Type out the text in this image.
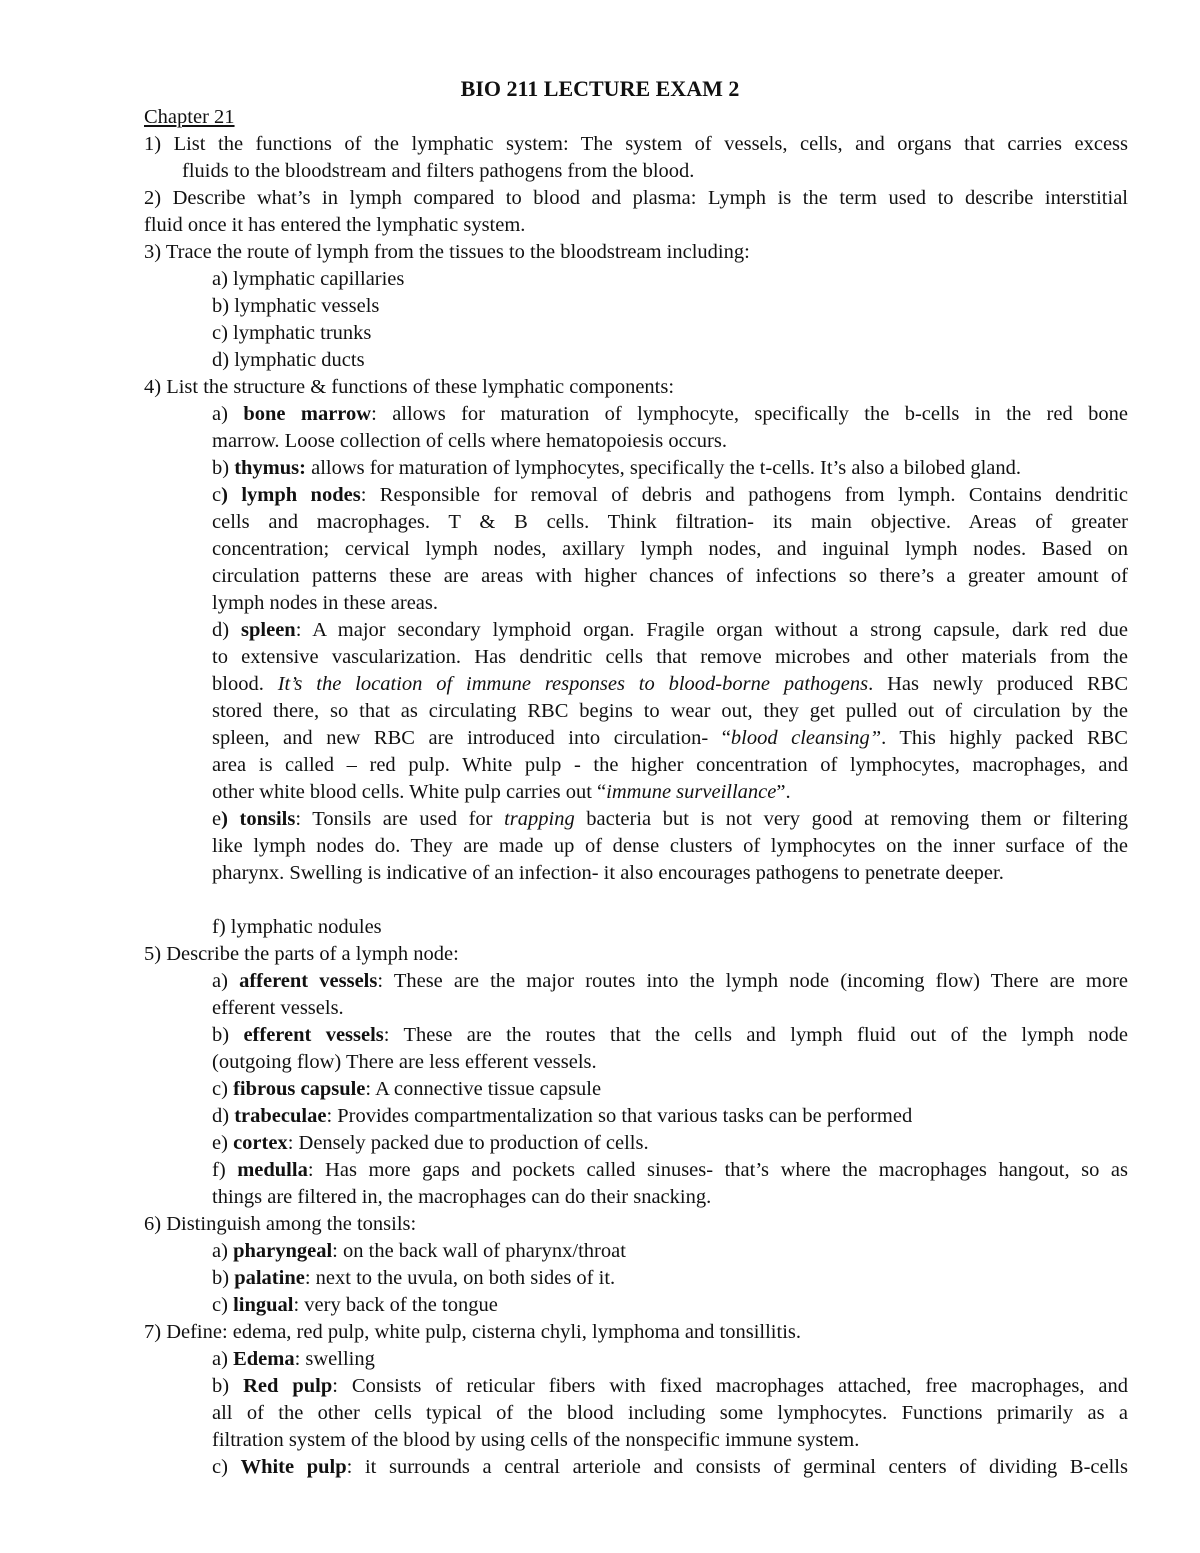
BIO 211 LECTURE EXAM 2
Chapter 21
1) List the functions of the lymphatic system: The system of vessels, cells, and organs that carries excess
fluids to the bloodstream and filters pathogens from the blood.
2) Describe what’s in lymph compared to blood and plasma: Lymph is the term used to describe interstitial
fluid once it has entered the lymphatic system.
3) Trace the route of lymph from the tissues to the bloodstream including:
a) lymphatic capillaries
b) lymphatic vessels
c) lymphatic trunks
d) lymphatic ducts
4) List the structure & functions of these lymphatic components:
a) bone marrow: allows for maturation of lymphocyte, specifically the b-cells in the red bone
marrow. Loose collection of cells where hematopoiesis occurs.
b) thymus: allows for maturation of lymphocytes, specifically the t-cells. It’s also a bilobed gland.
c) lymph nodes: Responsible for removal of debris and pathogens from lymph. Contains dendritic
cells and macrophages. T & B cells. Think filtration- its main objective. Areas of greater
concentration; cervical lymph nodes, axillary lymph nodes, and inguinal lymph nodes. Based on
circulation patterns these are areas with higher chances of infections so there’s a greater amount of
lymph nodes in these areas.
d) spleen: A major secondary lymphoid organ. Fragile organ without a strong capsule, dark red due
to extensive vascularization. Has dendritic cells that remove microbes and other materials from the
blood. It’s the location of immune responses to blood-borne pathogens. Has newly produced RBC
stored there, so that as circulating RBC begins to wear out, they get pulled out of circulation by the
spleen, and new RBC are introduced into circulation- “blood cleansing”. This highly packed RBC
area is called – red pulp. White pulp - the higher concentration of lymphocytes, macrophages, and
other white blood cells. White pulp carries out “immune surveillance”.
e) tonsils: Tonsils are used for trapping bacteria but is not very good at removing them or filtering
like lymph nodes do. They are made up of dense clusters of lymphocytes on the inner surface of the
pharynx. Swelling is indicative of an infection- it also encourages pathogens to penetrate deeper.
f) lymphatic nodules
5) Describe the parts of a lymph node:
a) afferent vessels: These are the major routes into the lymph node (incoming flow) There are more
efferent vessels.
b) efferent vessels: These are the routes that the cells and lymph fluid out of the lymph node
(outgoing flow) There are less efferent vessels.
c) fibrous capsule: A connective tissue capsule
d) trabeculae: Provides compartmentalization so that various tasks can be performed
e) cortex: Densely packed due to production of cells.
f) medulla: Has more gaps and pockets called sinuses- that’s where the macrophages hangout, so as
things are filtered in, the macrophages can do their snacking.
6) Distinguish among the tonsils:
a) pharyngeal: on the back wall of pharynx/throat
b) palatine: next to the uvula, on both sides of it.
c) lingual: very back of the tongue
7) Define: edema, red pulp, white pulp, cisterna chyli, lymphoma and tonsillitis.
a) Edema: swelling
b) Red pulp: Consists of reticular fibers with fixed macrophages attached, free macrophages, and
all of the other cells typical of the blood including some lymphocytes. Functions primarily as a
filtration system of the blood by using cells of the nonspecific immune system.
c) White pulp: it surrounds a central arteriole and consists of germinal centers of dividing B-cells
